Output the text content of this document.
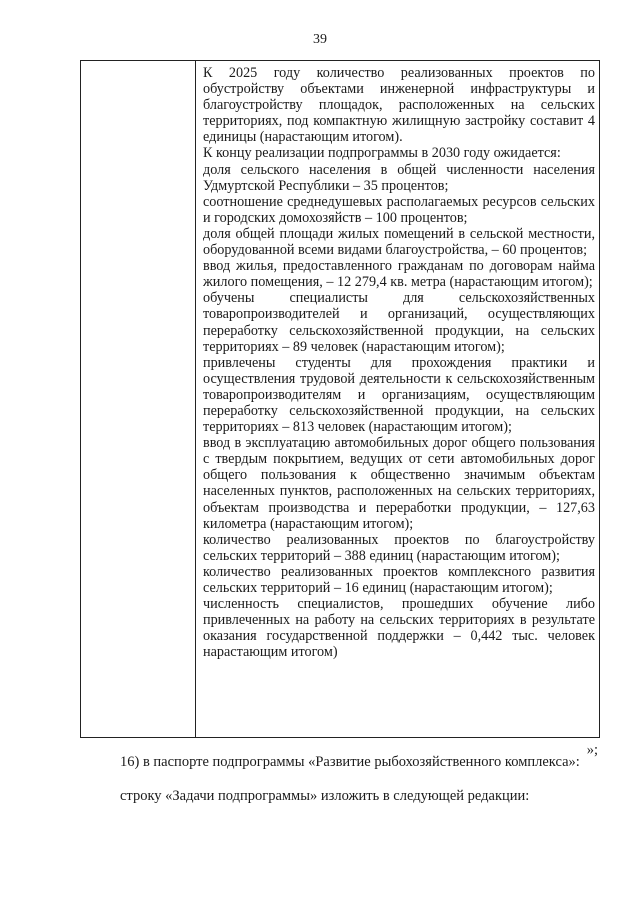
39

К 2025 году количество реализованных проектов по обустройству объектами инженерной инфраструктуры и благоустройству площадок, расположенных на сельских территориях, под компактную жилищную застройку составит 4 единицы (нарастающим итогом).

К концу реализации подпрограммы в 2030 году ожидается:

доля сельского населения в общей численности населения Удмуртской Республики – 35 процентов;

соотношение среднедушевых располагаемых ресурсов сельских и городских домохозяйств – 100 процентов;

доля общей площади жилых помещений в сельской местности, оборудованной всеми видами благоустройства, – 60 процентов;

ввод жилья, предоставленного гражданам по договорам найма жилого помещения, – 12 279,4 кв. метра (нарастающим итогом);

обучены специалисты для сельскохозяйственных товаропроизводителей и организаций, осуществляющих переработку сельскохозяйственной продукции, на сельских территориях – 89 человек (нарастающим итогом);

привлечены студенты для прохождения практики и осуществления трудовой деятельности к сельскохозяйственным товаропроизводителям и организациям, осуществляющим переработку сельскохозяйственной продукции, на сельских территориях – 813 человек (нарастающим итогом);

ввод в эксплуатацию автомобильных дорог общего пользования с твердым покрытием, ведущих от сети автомобильных дорог общего пользования к общественно значимым объектам населенных пунктов, расположенных на сельских территориях, объектам производства и переработки продукции, – 127,63 километра (нарастающим итогом);

количество реализованных проектов по благоустройству сельских территорий – 388 единиц (нарастающим итогом);

количество реализованных проектов комплексного развития сельских территорий – 16 единиц (нарастающим итогом);

численность специалистов, прошедших обучение либо привлеченных на работу на сельских территориях в результате оказания государственной поддержки – 0,442 тыс. человек нарастающим итогом)

»;

16) в паспорте подпрограммы «Развитие рыбохозяйственного комплекса»:

строку «Задачи подпрограммы» изложить в следующей редакции:
